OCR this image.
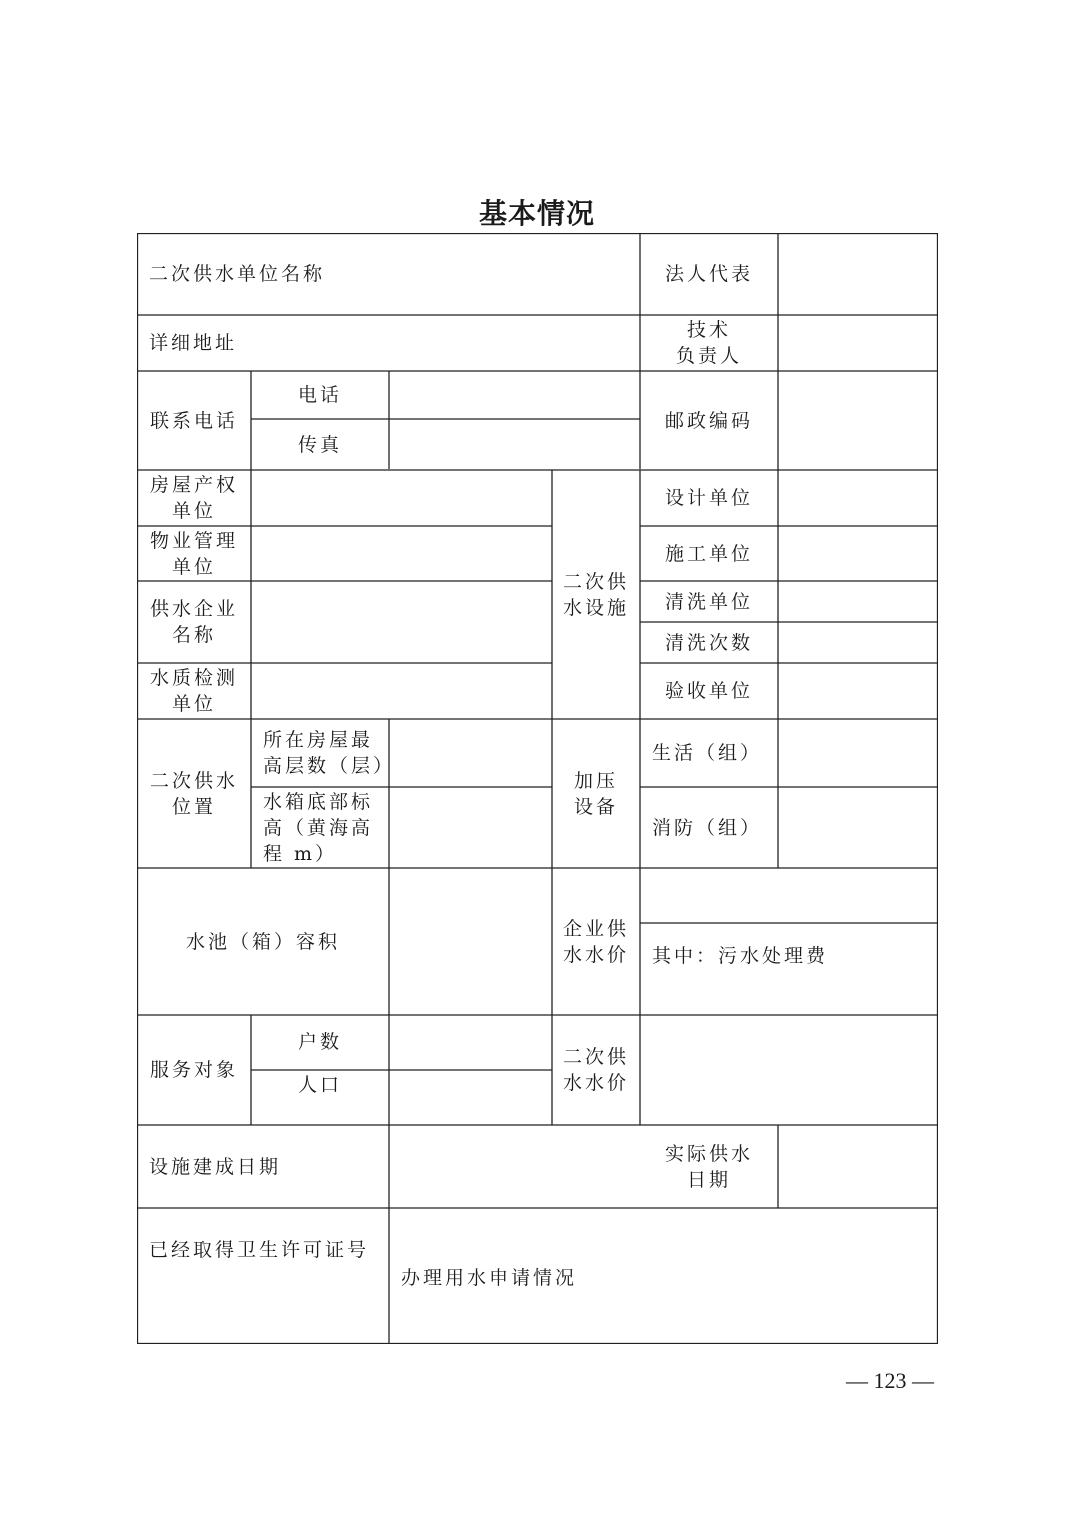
基本情况
二次供水单位名称	法人代表
详细地址
技术
负责人
联系电话
电话
传真
邮政编码
房屋产权
单位
物业管理
单位
供水企业
名称
水质检测
单位
二次供
水设施
设计单位
施工单位
清洗单位
清洗次数
验收单位
二次供水
位置
所在房屋最
高层数（层）
水箱底部标
高（黄海高
程 m）
加压
设备
生活（组）
消防（组）
水池（箱）容积
企业供
水水价 其中：污水处理费
服务对象
户数
人口
二次供
水水价
设施建成日期
实际供水
日期
已经取得卫生许可证号
办理用水申请情况
— 123 —
